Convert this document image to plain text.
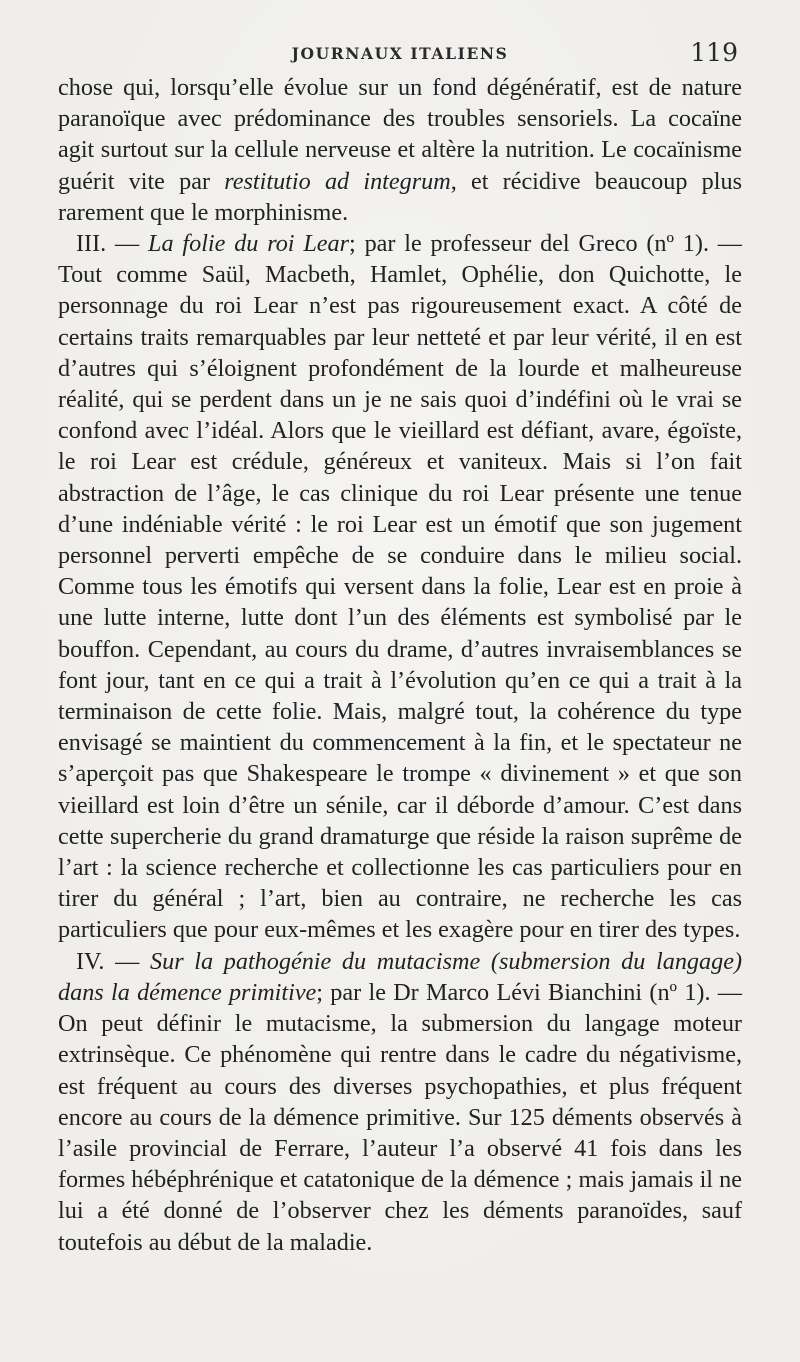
JOURNAUX ITALIENS	119

chose qui, lorsqu’elle évolue sur un fond dégénératif, est de nature paranoïque avec prédominance des troubles sensoriels. La cocaïne agit surtout sur la cellule nerveuse et altère la nutrition. Le cocaïnisme guérit vite par restitutio ad integrum, et récidive beaucoup plus rarement que le morphinisme.

III. — La folie du roi Lear; par le professeur del Greco (nº 1). — Tout comme Saül, Macbeth, Hamlet, Ophélie, don Quichotte, le personnage du roi Lear n’est pas rigoureusement exact. A côté de certains traits remarquables par leur netteté et par leur vérité, il en est d’autres qui s’éloignent profondément de la lourde et malheureuse réalité, qui se perdent dans un je ne sais quoi d’indéfini où le vrai se confond avec l’idéal. Alors que le vieillard est défiant, avare, égoïste, le roi Lear est crédule, généreux et vaniteux. Mais si l’on fait abstraction de l’âge, le cas clinique du roi Lear présente une tenue d’une indéniable vérité : le roi Lear est un émotif que son jugement personnel perverti empêche de se conduire dans le milieu social. Comme tous les émotifs qui versent dans la folie, Lear est en proie à une lutte interne, lutte dont l’un des éléments est symbolisé par le bouffon. Cependant, au cours du drame, d’autres invraisemblances se font jour, tant en ce qui a trait à l’évolution qu’en ce qui a trait à la terminaison de cette folie. Mais, malgré tout, la cohérence du type envisagé se maintient du commencement à la fin, et le spectateur ne s’aperçoit pas que Shakespeare le trompe « divinement » et que son vieillard est loin d’être un sénile, car il déborde d’amour. C’est dans cette supercherie du grand dramaturge que réside la raison suprême de l’art : la science recherche et collectionne les cas particuliers pour en tirer du général ; l’art, bien au contraire, ne recherche les cas particuliers que pour eux-mêmes et les exagère pour en tirer des types.

IV. — Sur la pathogénie du mutacisme (submersion du langage) dans la démence primitive; par le Dr Marco Lévi Bianchini (nº 1). — On peut définir le mutacisme, la submersion du langage moteur extrinsèque. Ce phénomène qui rentre dans le cadre du négativisme, est fréquent au cours des diverses psychopathies, et plus fréquent encore au cours de la démence primitive. Sur 125 déments observés à l’asile provincial de Ferrare, l’auteur l’a observé 41 fois dans les formes hébéphrénique et catatonique de la démence ; mais jamais il ne lui a été donné de l’observer chez les déments paranoïdes, sauf toutefois au début de la maladie.
